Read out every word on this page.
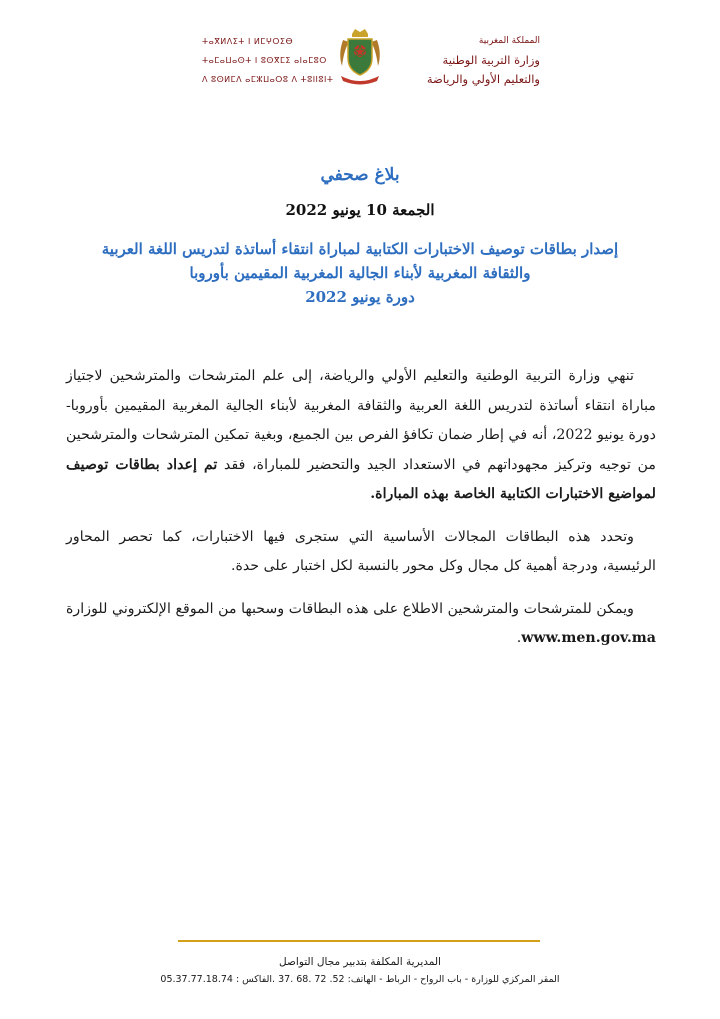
ⵜⴰⴳⵍⴷⵉⵜ ⵏ ⵍⵎⵖⵔⵉⴱ
ⵜⴰⵎⴰⵡⴰⵙⵜ ⵏ ⵓⵙⴳⵎⵉ ⴰⵏⴰⵎⵓⵔ
ⴷ ⵓⵙⵍⵎⴷ ⴰⵎⵣⵡⴰⵔⵓ ⴷ ⵜⵓⵏⵏⵓⵏⵜ
المملكة المغربية
وزارة التربية الوطنية
والتعليم الأولي والرياضة
بلاغ صحفي
الجمعة 10 يونيو 2022
إصدار بطاقات توصيف الاختبارات الكتابية لمباراة انتقاء أساتذة لتدريس اللغة العربية
والثقافة المغربية لأبناء الجالية المغربية المقيمين بأوروبا
دورة يونيو 2022

تنهي وزارة التربية الوطنية والتعليم الأولي والرياضة، إلى علم المترشحات والمترشحين لاجتياز مباراة انتقاء أساتذة لتدريس اللغة العربية والثقافة المغربية لأبناء الجالية المغربية المقيمين بأوروبا-دورة يونيو 2022، أنه في إطار ضمان تكافؤ الفرص بين الجميع، وبغية تمكين المترشحات والمترشحين من توجيه وتركيز مجهوداتهم في الاستعداد الجيد والتحضير للمباراة، فقد تم إعداد بطاقات توصيف لمواضيع الاختبارات الكتابية الخاصة بهذه المباراة.

وتحدد هذه البطاقات المجالات الأساسية التي ستجرى فيها الاختبارات، كما تحصر المحاور الرئيسية، ودرجة أهمية كل مجال وكل محور بالنسبة لكل اختبار على حدة.

ويمكن للمترشحات والمترشحين الاطلاع على هذه البطاقات وسحبها من الموقع الإلكتروني للوزارة www.men.gov.ma.

المديرية المكلفة بتدبير مجال التواصل
المقر المركزي للوزارة - باب الرواح - الرباط - الهاتف: 52. 72 .68 .37 .الفاكس : 05.37.77.18.74
